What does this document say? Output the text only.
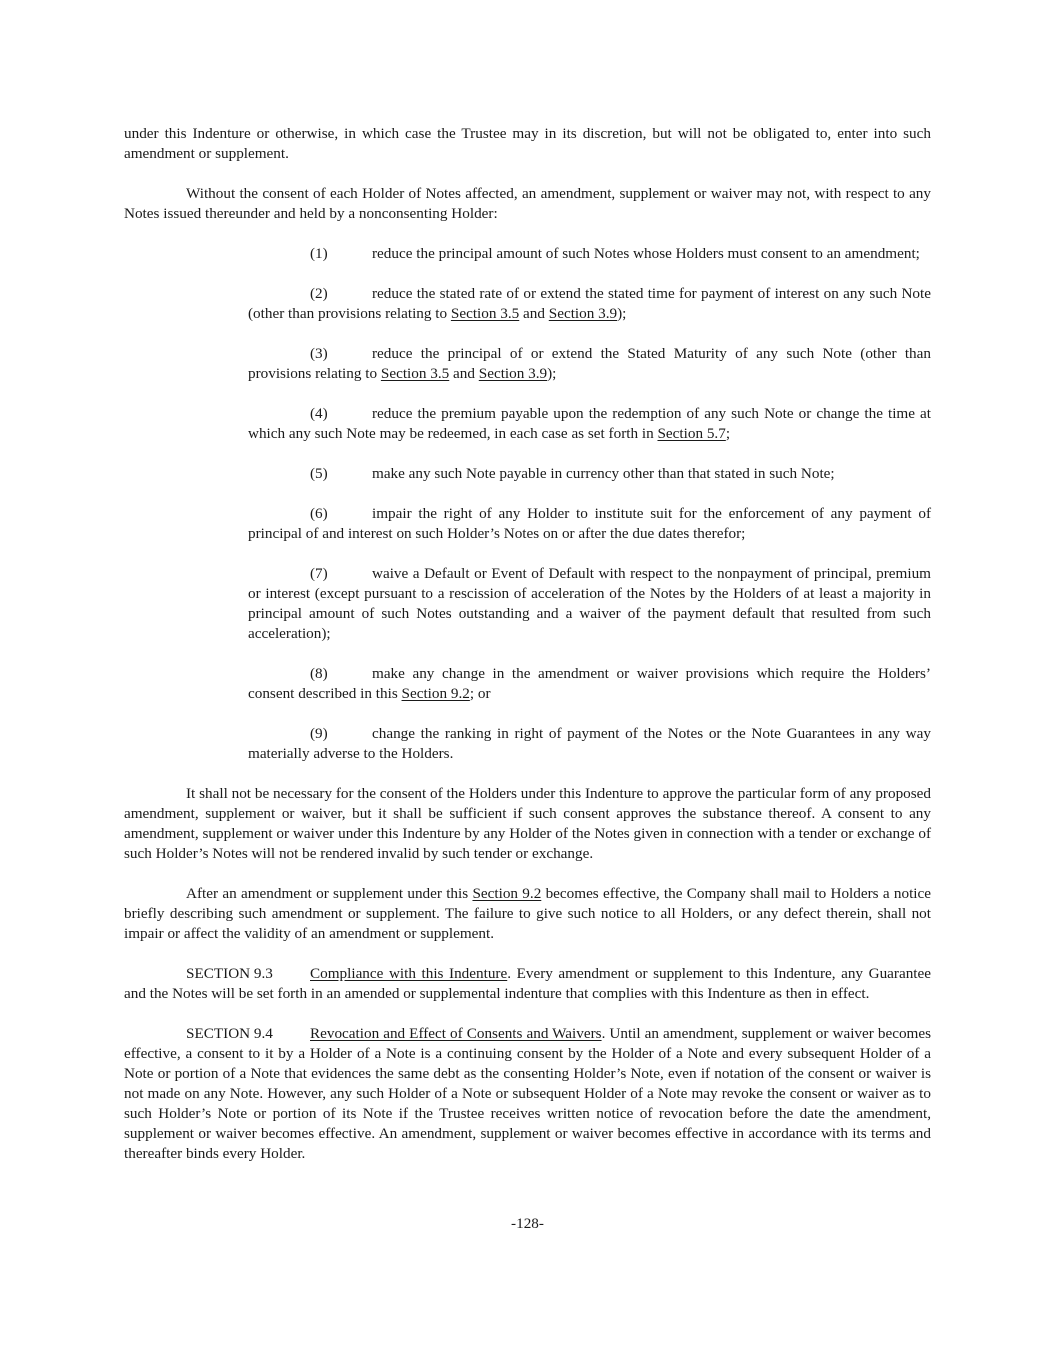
under this Indenture or otherwise, in which case the Trustee may in its discretion, but will not be obligated to, enter into such amendment or supplement.

Without the consent of each Holder of Notes affected, an amendment, supplement or waiver may not, with respect to any Notes issued thereunder and held by a nonconsenting Holder:

(1)	reduce the principal amount of such Notes whose Holders must consent to an amendment;

(2)	reduce the stated rate of or extend the stated time for payment of interest on any such Note (other than provisions relating to Section 3.5 and Section 3.9);

(3)	reduce the principal of or extend the Stated Maturity of any such Note (other than provisions relating to Section 3.5 and Section 3.9);

(4)	reduce the premium payable upon the redemption of any such Note or change the time at which any such Note may be redeemed, in each case as set forth in Section 5.7;

(5)	make any such Note payable in currency other than that stated in such Note;

(6)	impair the right of any Holder to institute suit for the enforcement of any payment of principal of and interest on such Holder’s Notes on or after the due dates therefor;

(7)	waive a Default or Event of Default with respect to the nonpayment of principal, premium or interest (except pursuant to a rescission of acceleration of the Notes by the Holders of at least a majority in principal amount of such Notes outstanding and a waiver of the payment default that resulted from such acceleration);

(8)	make any change in the amendment or waiver provisions which require the Holders’ consent described in this Section 9.2; or

(9)	change the ranking in right of payment of the Notes or the Note Guarantees in any way materially adverse to the Holders.

It shall not be necessary for the consent of the Holders under this Indenture to approve the particular form of any proposed amendment, supplement or waiver, but it shall be sufficient if such consent approves the substance thereof. A consent to any amendment, supplement or waiver under this Indenture by any Holder of the Notes given in connection with a tender or exchange of such Holder’s Notes will not be rendered invalid by such tender or exchange.

After an amendment or supplement under this Section 9.2 becomes effective, the Company shall mail to Holders a notice briefly describing such amendment or supplement. The failure to give such notice to all Holders, or any defect therein, shall not impair or affect the validity of an amendment or supplement.

SECTION 9.3 Compliance with this Indenture. Every amendment or supplement to this Indenture, any Guarantee and the Notes will be set forth in an amended or supplemental indenture that complies with this Indenture as then in effect.

SECTION 9.4 Revocation and Effect of Consents and Waivers. Until an amendment, supplement or waiver becomes effective, a consent to it by a Holder of a Note is a continuing consent by the Holder of a Note and every subsequent Holder of a Note or portion of a Note that evidences the same debt as the consenting Holder’s Note, even if notation of the consent or waiver is not made on any Note. However, any such Holder of a Note or subsequent Holder of a Note may revoke the consent or waiver as to such Holder’s Note or portion of its Note if the Trustee receives written notice of revocation before the date the amendment, supplement or waiver becomes effective. An amendment, supplement or waiver becomes effective in accordance with its terms and thereafter binds every Holder.

-128-
